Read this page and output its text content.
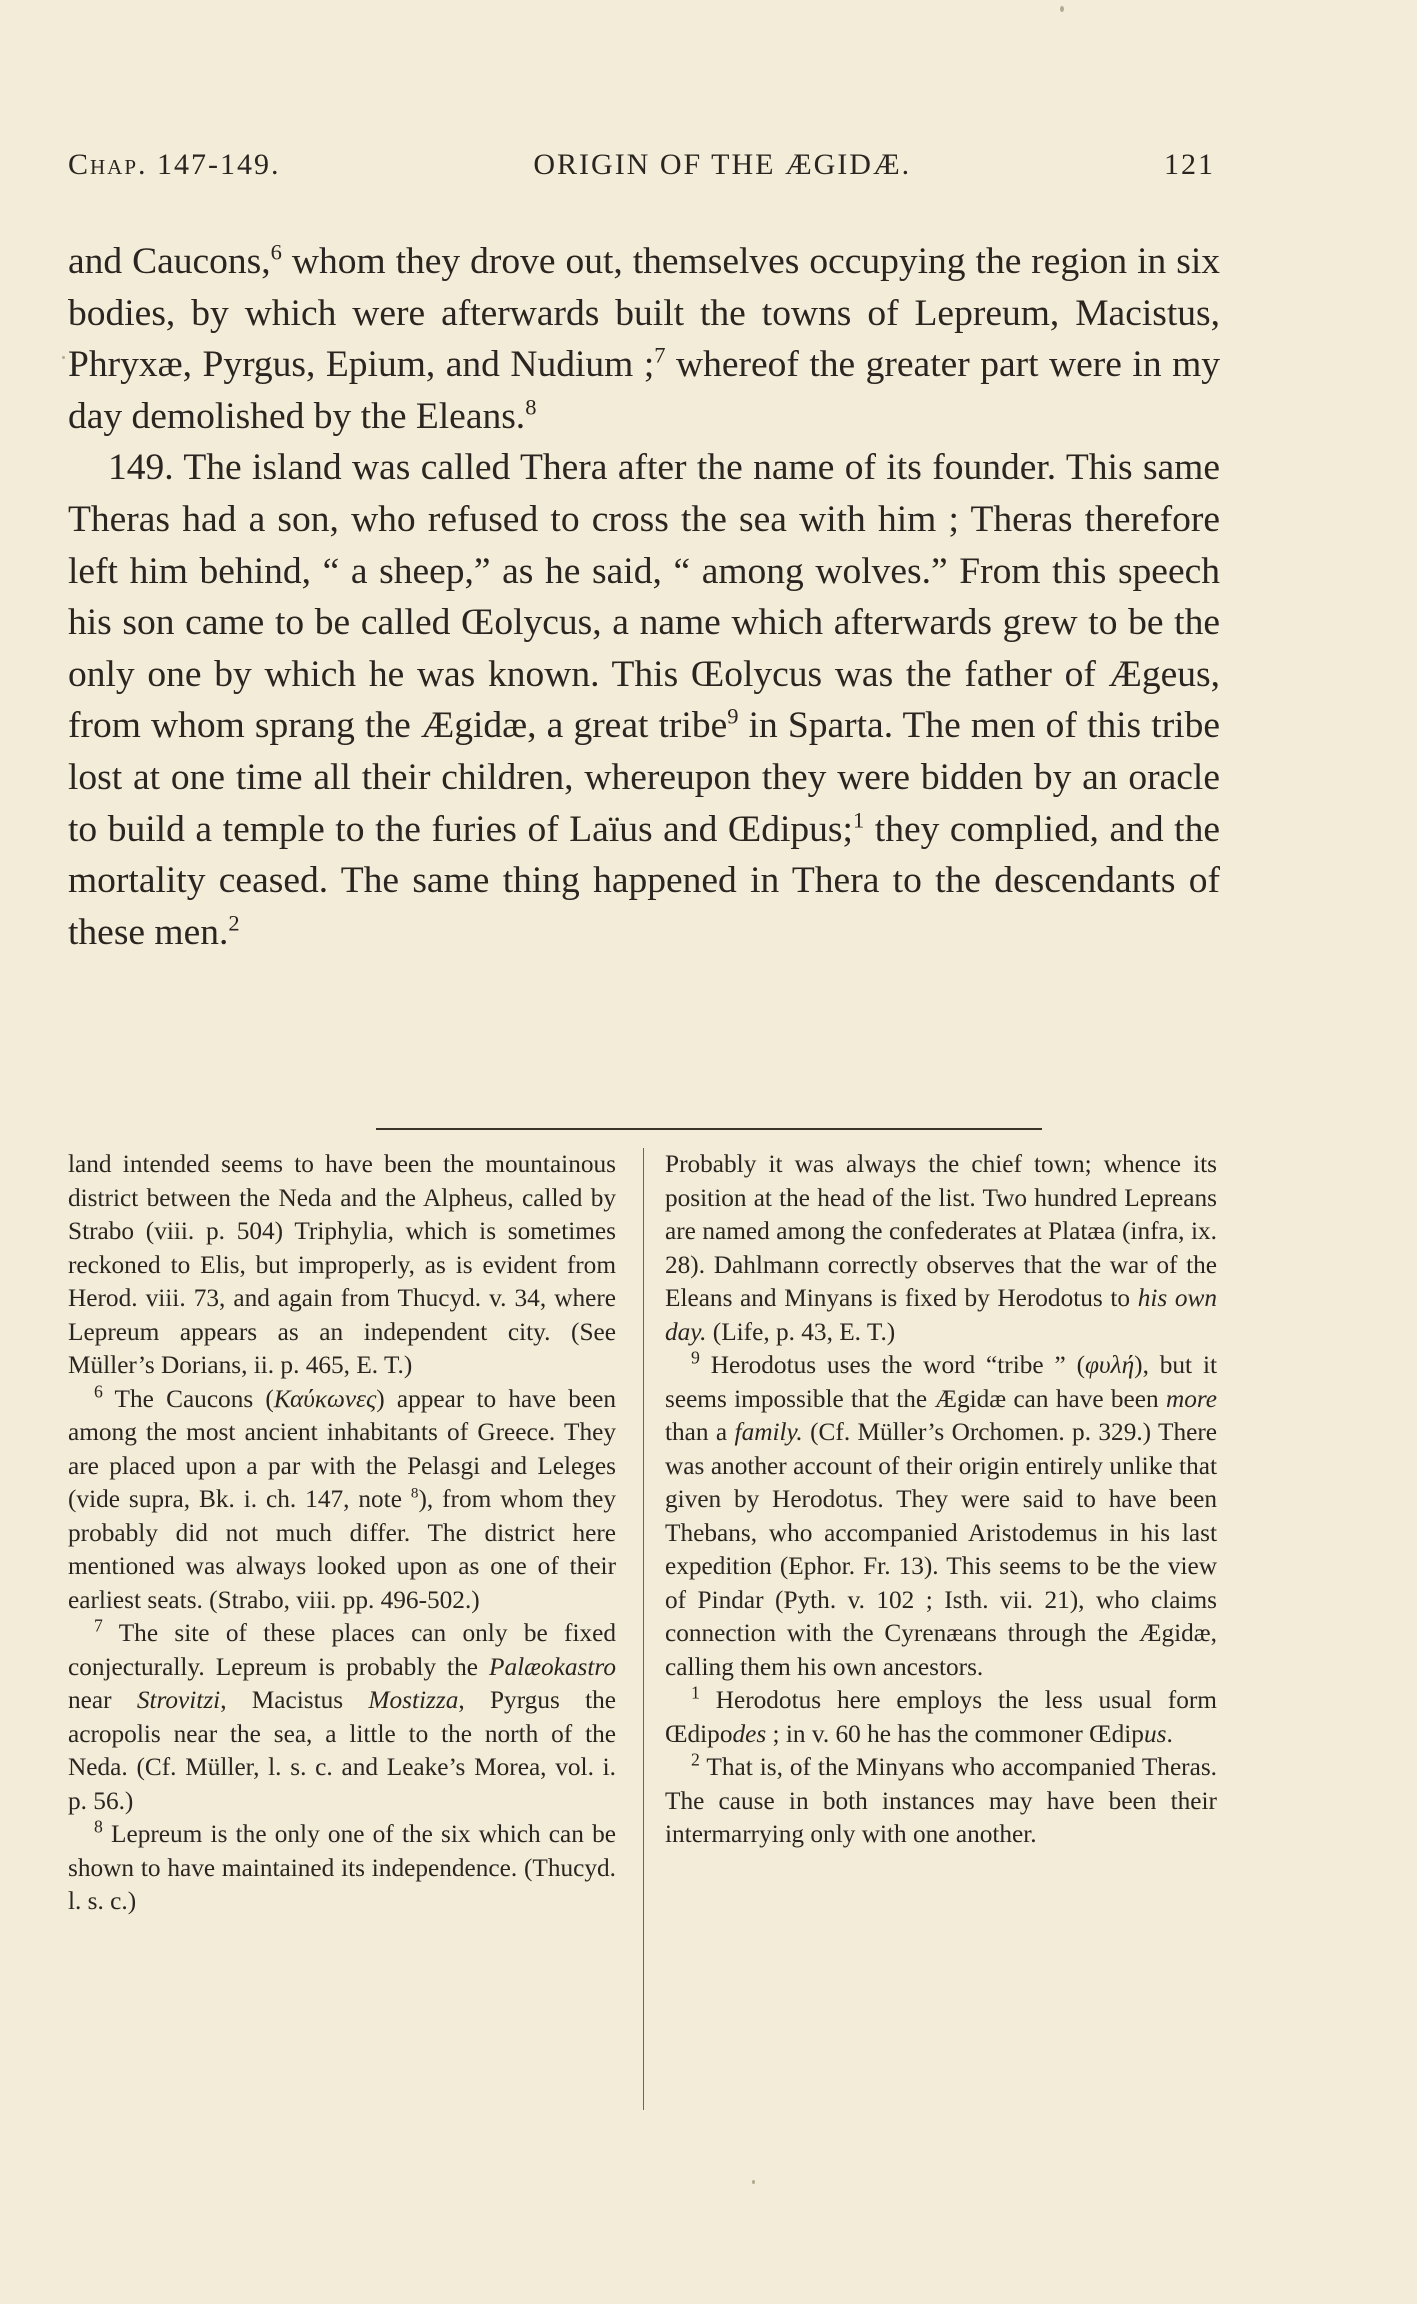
Chap. 147-149.	ORIGIN OF THE ÆGIDÆ.	121

and Caucons,$^6$ whom they drove out, themselves occupying the region in six bodies, by which were afterwards built the towns of Lepreum, Macistus, Phryxæ, Pyrgus, Epium, and Nudium ;$^7$ whereof the greater part were in my day demolished by the Eleans.$^8$

149. The island was called Thera after the name of its founder. This same Theras had a son, who refused to cross the sea with him ; Theras therefore left him behind, “ a sheep,” as he said, “ among wolves.” From this speech his son came to be called Œolycus, a name which afterwards grew to be the only one by which he was known. This Œolycus was the father of Ægeus, from whom sprang the Ægidæ, a great tribe$^9$ in Sparta. The men of this tribe lost at one time all their children, whereupon they were bidden by an oracle to build a temple to the furies of Laïus and Œdipus;$^1$ they complied, and the mortality ceased. The same thing happened in Thera to the descendants of these men.$^2$

land intended seems to have been the mountainous district between the Neda and the Alpheus, called by Strabo (viii. p. 504) Triphylia, which is sometimes reckoned to Elis, but improperly, as is evident from Herod. viii. 73, and again from Thucyd. v. 34, where Lepreum appears as an independent city. (See Müller’s Dorians, ii. p. 465, E. T.)

$^6$ The Caucons (Καύκωνες) appear to have been among the most ancient inhabitants of Greece. They are placed upon a par with the Pelasgi and Leleges (vide supra, Bk. i. ch. 147, note $^8$), from whom they probably did not much differ. The district here mentioned was always looked upon as one of their earliest seats. (Strabo, viii. pp. 496-502.)

$^7$ The site of these places can only be fixed conjecturally. Lepreum is probably the Palæokastro near Strovitzi, Macistus Mostizza, Pyrgus the acropolis near the sea, a little to the north of the Neda. (Cf. Müller, l. s. c. and Leake’s Morea, vol. i. p. 56.)

$^8$ Lepreum is the only one of the six which can be shown to have maintained its independence. (Thucyd. l. s. c.)

Probably it was always the chief town; whence its position at the head of the list. Two hundred Lepreans are named among the confederates at Platæa (infra, ix. 28). Dahlmann correctly observes that the war of the Eleans and Minyans is fixed by Herodotus to his own day. (Life, p. 43, E. T.)

$^9$ Herodotus uses the word “tribe ” (φυλή), but it seems impossible that the Ægidæ can have been more than a family. (Cf. Müller’s Orchomen. p. 329.) There was another account of their origin entirely unlike that given by Herodotus. They were said to have been Thebans, who accompanied Aristodemus in his last expedition (Ephor. Fr. 13). This seems to be the view of Pindar (Pyth. v. 102 ; Isth. vii. 21), who claims connection with the Cyrenæans through the Ægidæ, calling them his own ancestors.

$^1$ Herodotus here employs the less usual form Œdipodes ; in v. 60 he has the commoner Œdipus.

$^2$ That is, of the Minyans who accompanied Theras. The cause in both instances may have been their intermarrying only with one another.
